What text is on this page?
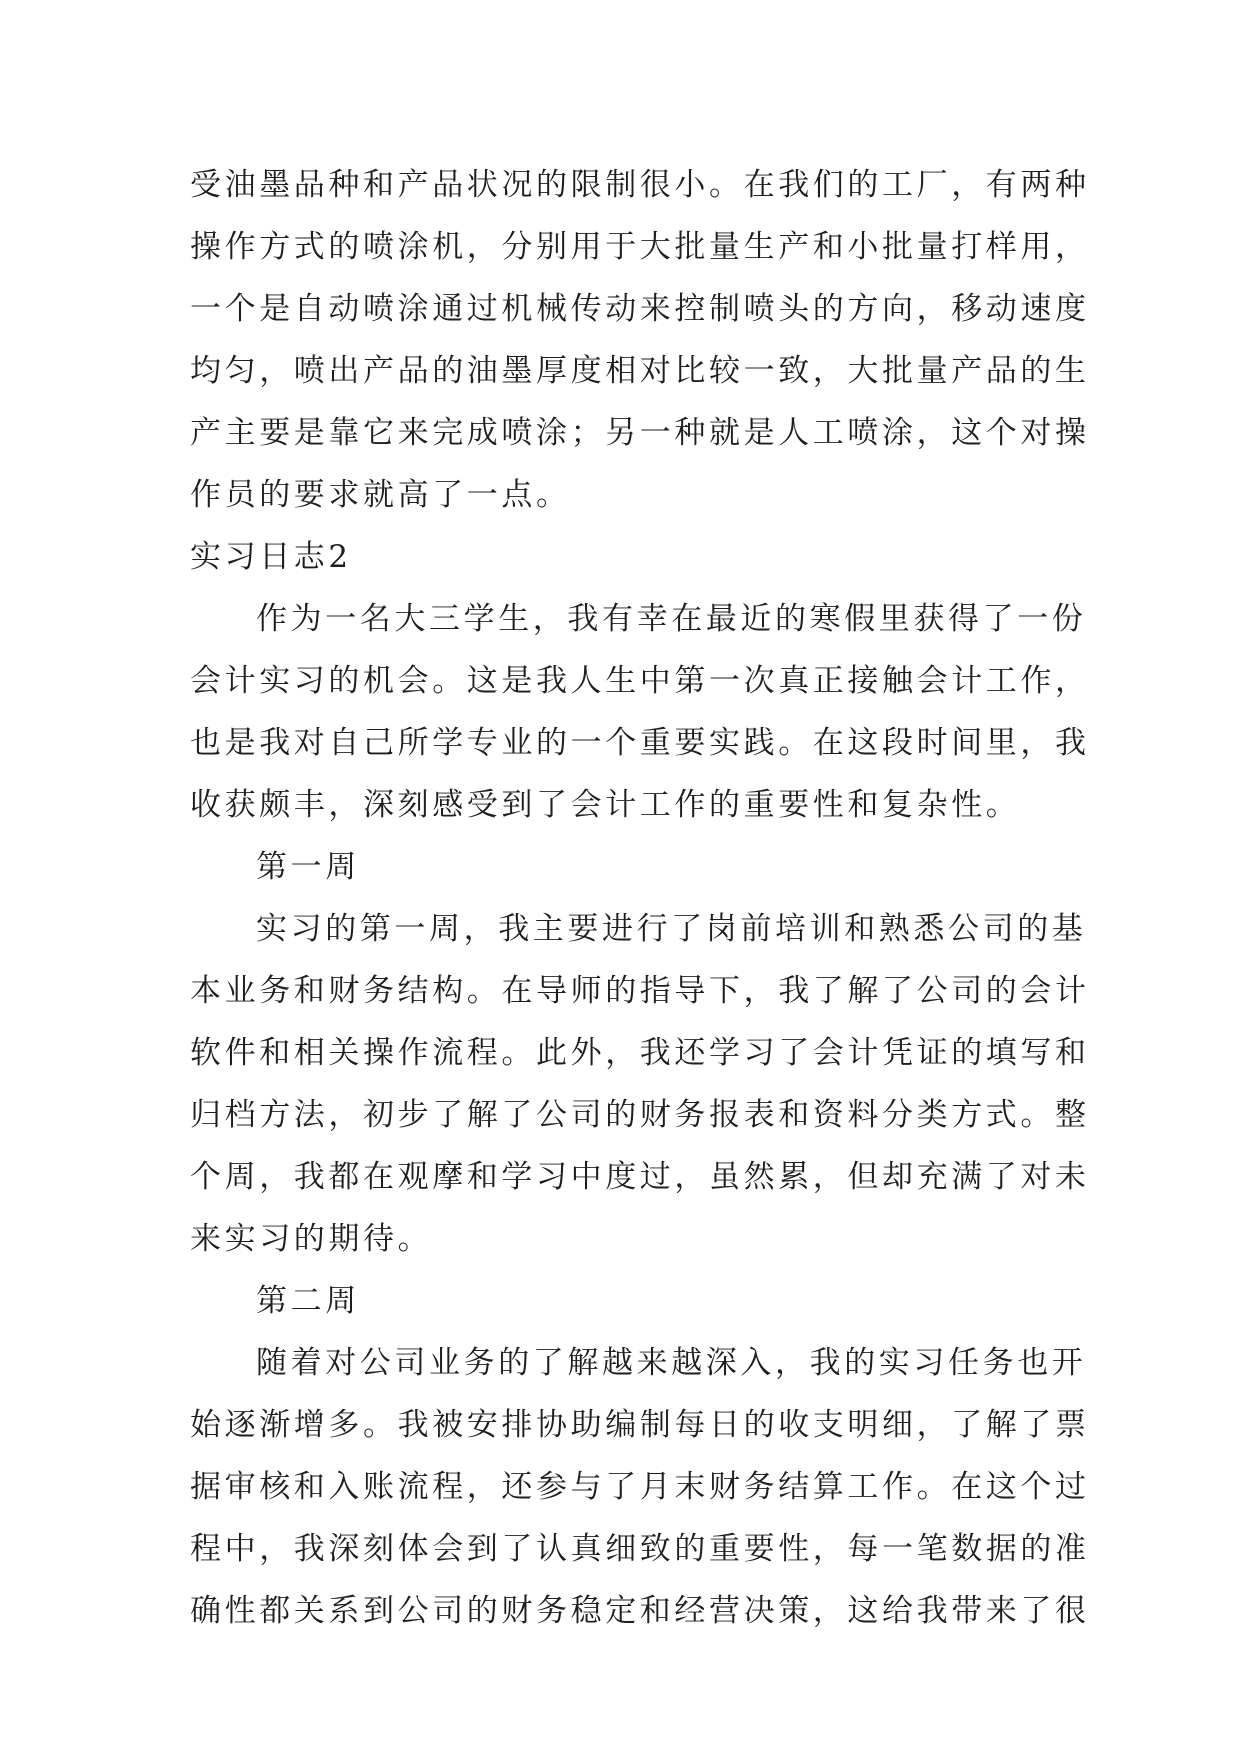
受油墨品种和产品状况的限制很小。在我们的工厂，有两种
操作方式的喷涂机，分别用于大批量生产和小批量打样用，
一个是自动喷涂通过机械传动来控制喷头的方向，移动速度
均匀，喷出产品的油墨厚度相对比较一致，大批量产品的生
产主要是靠它来完成喷涂；另一种就是人工喷涂，这个对操
作员的要求就高了一点。
实习日志2
作为一名大三学生，我有幸在最近的寒假里获得了一份
会计实习的机会。这是我人生中第一次真正接触会计工作，
也是我对自己所学专业的一个重要实践。在这段时间里，我
收获颇丰，深刻感受到了会计工作的重要性和复杂性。
第一周
实习的第一周，我主要进行了岗前培训和熟悉公司的基
本业务和财务结构。在导师的指导下，我了解了公司的会计
软件和相关操作流程。此外，我还学习了会计凭证的填写和
归档方法，初步了解了公司的财务报表和资料分类方式。整
个周，我都在观摩和学习中度过，虽然累，但却充满了对未
来实习的期待。
第二周
随着对公司业务的了解越来越深入，我的实习任务也开
始逐渐增多。我被安排协助编制每日的收支明细，了解了票
据审核和入账流程，还参与了月末财务结算工作。在这个过
程中，我深刻体会到了认真细致的重要性，每一笔数据的准
确性都关系到公司的财务稳定和经营决策，这给我带来了很
